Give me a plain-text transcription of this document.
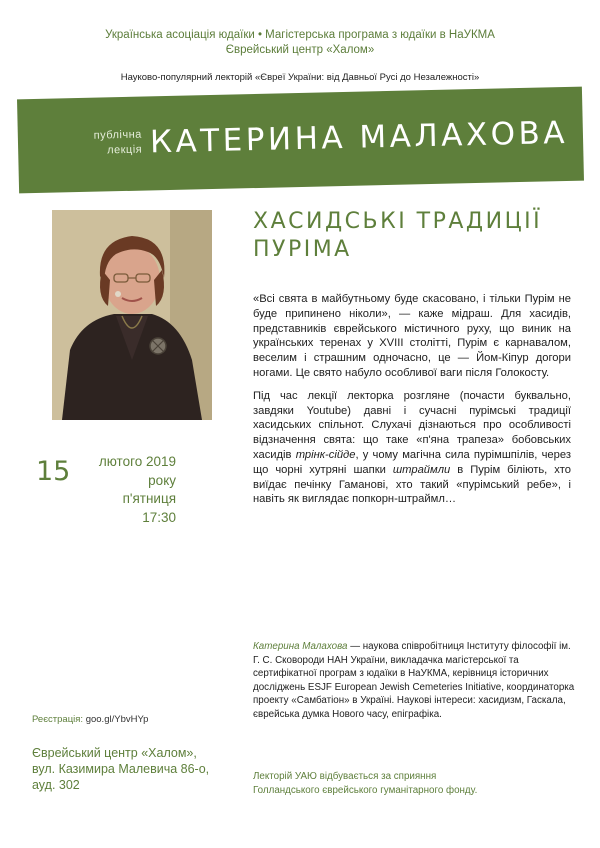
Українська асоціація юдаїки • Магістерська програма з юдаїки в НаУКМА
Єврейський центр «Халом»
Науково-популярний лекторій «Євреї України: від Давньої Русі до Незалежності»
публічна
лекція КАТЕРИНА МАЛАХОВА
ХАСИДСЬКІ ТРАДИЦІЇ
ПУРІМА

«Всі свята в майбутньому буде скасовано, і тільки Пурім не буде припинено ніколи», — каже мідраш. Для хасидів, представників єврейського містичного руху, що виник на українських теренах у XVIII столітті, Пурім є карнавалом, веселим і страшним одночасно, це — Йом-Кіпур догори ногами. Це свято набуло особливої ваги після Голокосту.

Під час лекції лекторка розгляне (почасти буквально, завдяки Youtube) давні і сучасні пурімські традиції хасидських спільнот. Слухачі дізнаються про особливості відзначення свята: що таке «п'яна трапеза» бобовських хасидів трінк-сійде, у чому магічна сила пурімшпілів, через що чорні хутряні шапки штраймли в Пурім біліють, хто виїдає печінку Гаманові, хто такий «пурімський ребе», і навіть як виглядає попкорн-штраймл…

15	лютого 2019 року
п'ятниця
17:30
Катерина Малахова — наукова співробітниця Інституту філософії ім. Г. С. Сковороди НАН України, викладачка магістерської та сертифікатної програм з юдаїки в НаУКМА, керівниця історичних досліджень ESJF European Jewish Cemeteries Initiative, координаторка проекту «Самбатіон» в Україні. Наукові інтереси: хасидизм, Гаскала, єврейська думка Нового часу, епіграфіка.
Реєстрація: goo.gl/YbvHYp
Єврейський центр «Халом»,
вул. Казимира Малевича 86-о,
ауд. 302
Лекторій УАЮ відбувається за сприяння
Голландського єврейського гуманітарного фонду.
